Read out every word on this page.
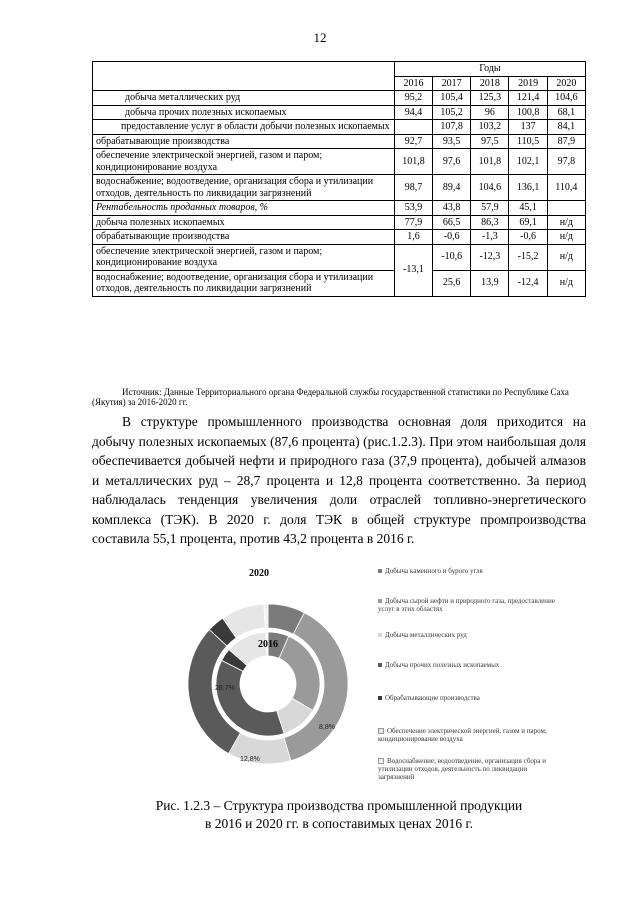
12
	Годы				
	2016	2017	2018	2019	2020
добыча металлических руд	95,2	105,4	125,3	121,4	104,6
добыча прочих полезных ископаемых	94,4	105,2	96	100,8	68,1
предоставление услуг в области добычи полезных ископаемых		107,8	103,2	137	84,1
обрабатывающие производства	92,7	93,5	97,5	110,5	87,9
обеспечение электрической энергией, газом и паром; кондиционирование воздуха	101,8	97,6	101,8	102,1	97,8
водоснабжение; водоотведение, организация сбора и утилизации отходов, деятельность по ликвидации загрязнений	98,7	89,4	104,6	136,1	110,4
Рентабельность проданных товаров, %	53,9	43,8	57,9	45,1	
добыча полезных ископаемых	77,9	66,5	86,3	69,1	н/д
обрабатывающие производства	1,6	-0,6	-1,3	-0,6	н/д
обеспечение электрической энергией, газом и паром; кондиционирование воздуха	-13,1	-10,6	-12,3	-15,2	н/д
водоснабжение; водоотведение, организация сбора и утилизации отходов, деятельность по ликвидации загрязнений		25,6	13,9	-12,4	н/д
Источник: Данные Территориального органа Федеральной службы государственной статистики по Республике Саха (Якутия) за 2016-2020 гг.
В структуре промышленного производства основная доля приходится на добычу полезных ископаемых (87,6 процента) (рис.1.2.3). При этом наибольшая доля обеспечивается добычей нефти и природного газа (37,9 процента), добычей алмазов и металлических руд – 28,7 процента и 12,8 процента соответственно. За период наблюдалась тенденция увеличения доли отраслей топливно-энергетического комплекса (ТЭК). В 2020 г. доля ТЭК в общей структуре промпроизводства составила 55,1 процента, против 43,2 процента в 2016 г.
2020
2016
28,7%
8,8%
12,8%
Добыча каменного и бурого угля
Добыча сырой нефти и природного газа, предоставление услуг в этих областях
Добыча металлических руд
Добыча прочих полезных ископаемых
Обрабатывающие производства
Обеспечение электрической энергией, газом и паром; кондиционирование воздуха
Водоснабжение; водоотведение, организация сбора и утилизации отходов, деятельность по ликвидации загрязнений
Рис. 1.2.3 – Структура производства промышленной продукции
в 2016 и 2020 гг. в сопоставимых ценах 2016 г.
